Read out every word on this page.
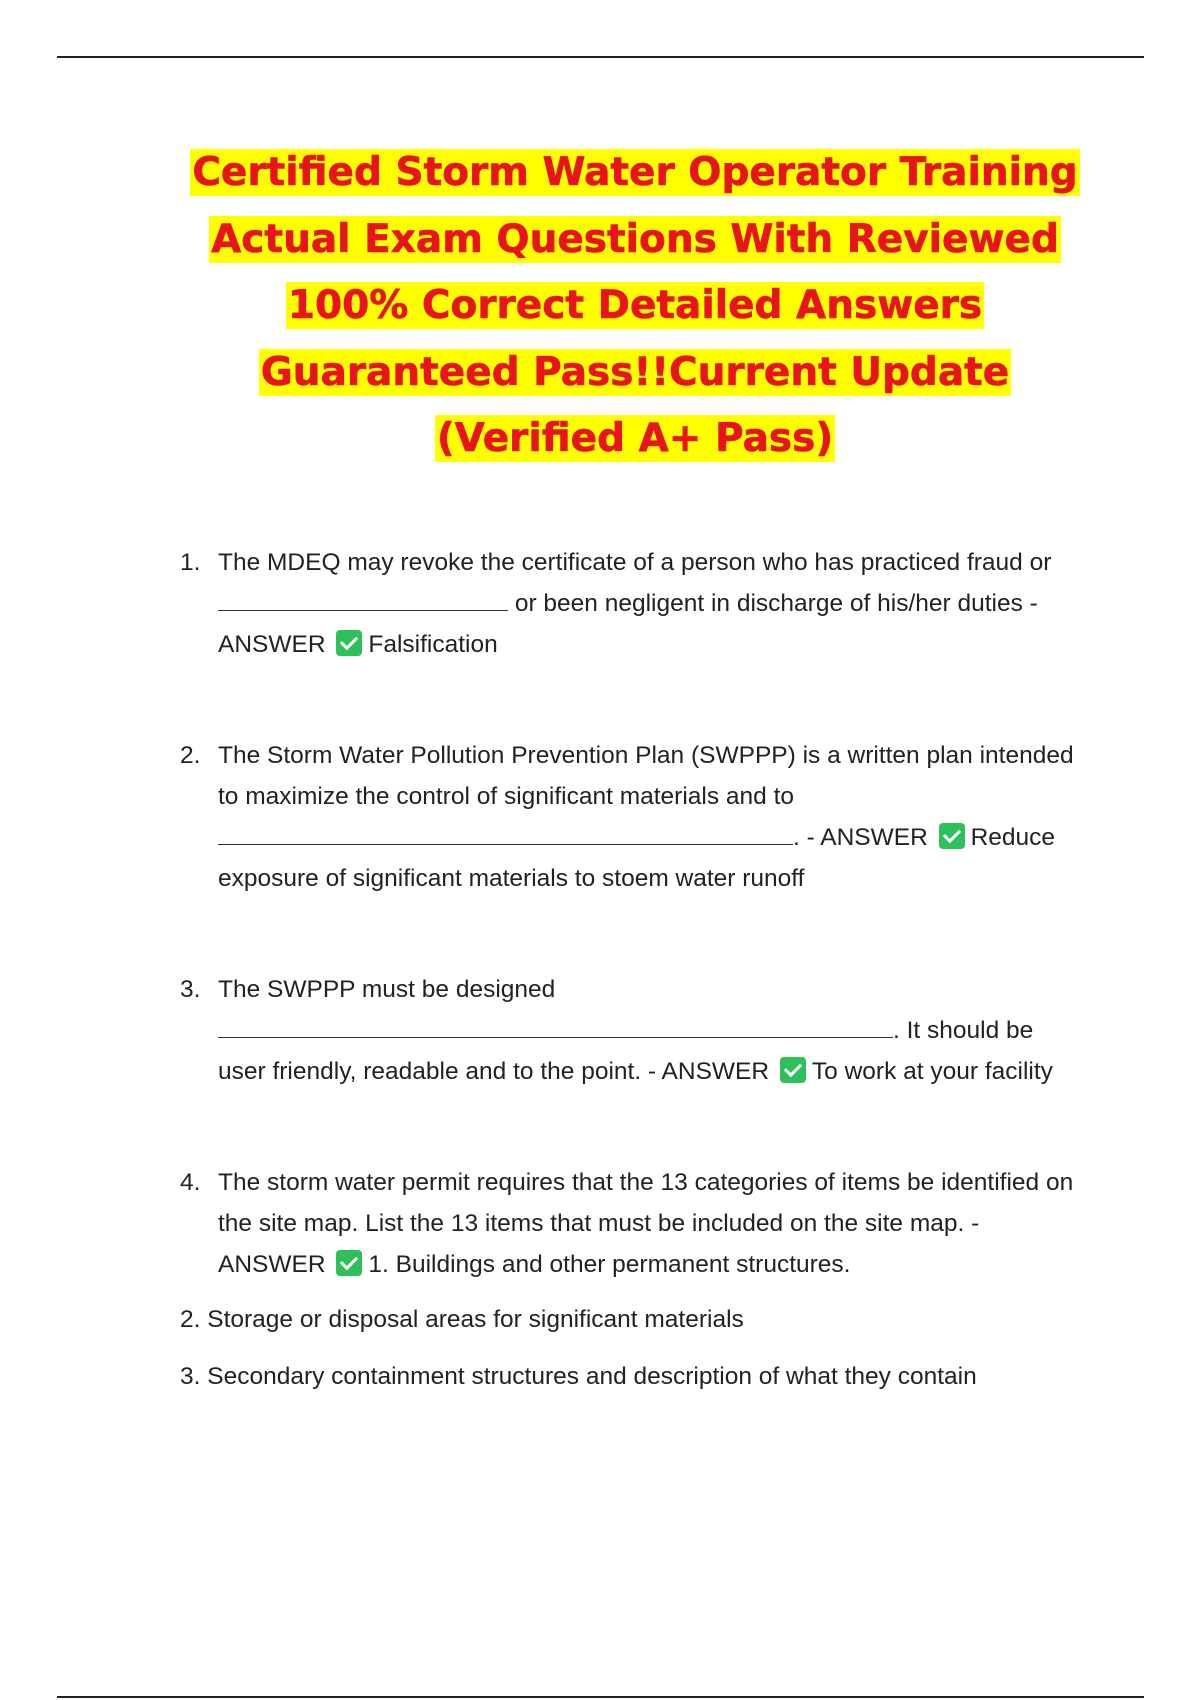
Certified Storm Water Operator Training
Actual Exam Questions With Reviewed
100% Correct Detailed Answers
Guaranteed Pass!!Current Update
(Verified A+ Pass)
1. The MDEQ may revoke the certificate of a person who has practiced fraud or  or been negligent in discharge of his/her duties - ANSWER Falsification
2. The Storm Water Pollution Prevention Plan (SWPPP) is a written plan intended to maximize the control of significant materials and to . - ANSWER Reduce exposure of significant materials to stoem water runoff
3. The SWPPP must be designed
. It should be user friendly, readable and to the point. - ANSWER To work at your facility
4. The storm water permit requires that the 13 categories of items be identified on the site map. List the 13 items that must be included on the site map. - ANSWER 1. Buildings and other permanent structures.

2. Storage or disposal areas for significant materials

3. Secondary containment structures and description of what they contain
